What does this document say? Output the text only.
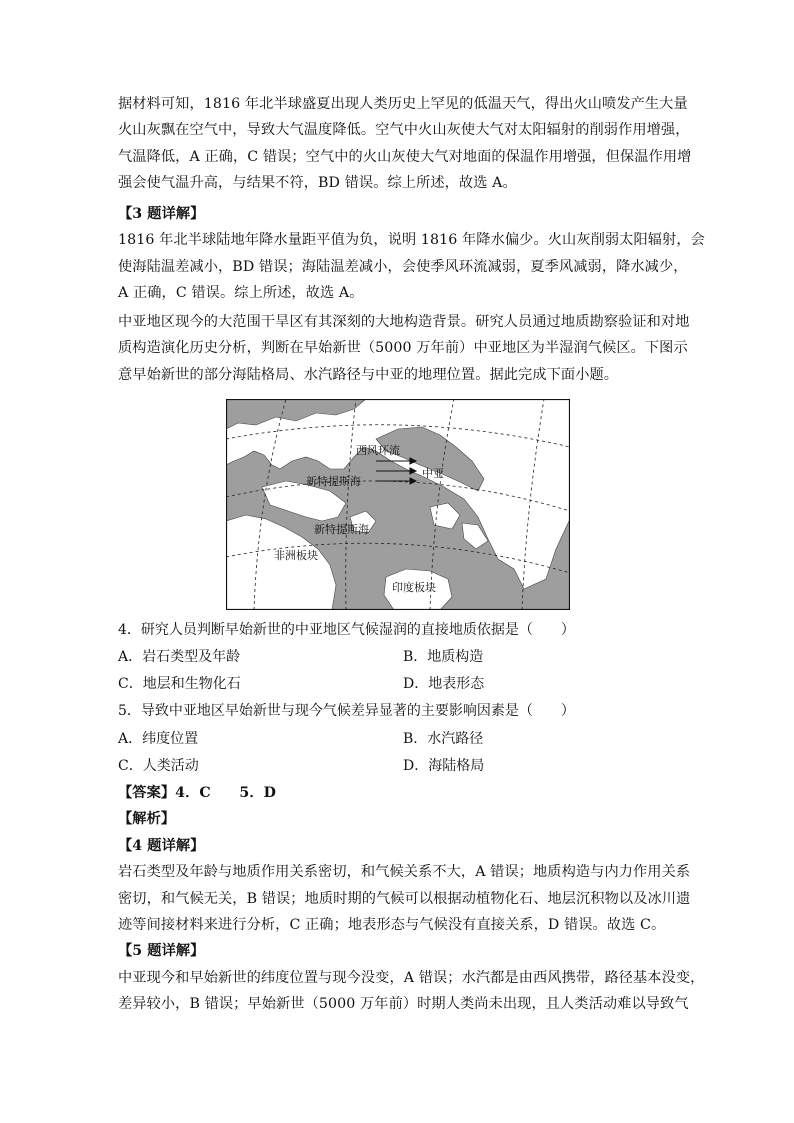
据材料可知，1816 年北半球盛夏出现人类历史上罕见的低温天气，得出火山喷发产生大量
火山灰飘在空气中，导致大气温度降低。空气中火山灰使大气对太阳辐射的削弱作用增强，
气温降低，A 正确，C 错误；空气中的火山灰使大气对地面的保温作用增强，但保温作用增
强会使气温升高，与结果不符，BD 错误。综上所述，故选 A。
【3 题详解】
1816 年北半球陆地年降水量距平值为负，说明 1816 年降水偏少。火山灰削弱太阳辐射，会
使海陆温差减小，BD 错误；海陆温差减小，会使季风环流减弱，夏季风减弱，降水减少，
A 正确，C 错误。综上所述，故选 A。
中亚地区现今的大范围干旱区有其深刻的大地构造背景。研究人员通过地质勘察验证和对地
质构造演化历史分析，判断在早始新世（5000 万年前）中亚地区为半湿润气候区。下图示
意早始新世的部分海陆格局、水汽路径与中亚的地理位置。据此完成下面小题。
西风环流
中亚
新特提斯海
新特提斯海
非洲板块
印度板块
4．研究人员判断早始新世的中亚地区气候湿润的直接地质依据是（　　）
A．岩石类型及年龄	B．地质构造
C．地层和生物化石	D．地表形态
5．导致中亚地区早始新世与现今气候差异显著的主要影响因素是（　　）
A．纬度位置	B．水汽路径
C．人类活动	D．海陆格局
【答案】4．C　　5．D
【解析】
【4 题详解】
岩石类型及年龄与地质作用关系密切，和气候关系不大，A 错误；地质构造与内力作用关系
密切，和气候无关，B 错误；地质时期的气候可以根据动植物化石、地层沉积物以及冰川遗
迹等间接材料来进行分析，C 正确；地表形态与气候没有直接关系，D 错误。故选 C。
【5 题详解】
中亚现今和早始新世的纬度位置与现今没变，A 错误；水汽都是由西风携带，路径基本没变，
差异较小，B 错误；早始新世（5000 万年前）时期人类尚未出现，且人类活动难以导致气
